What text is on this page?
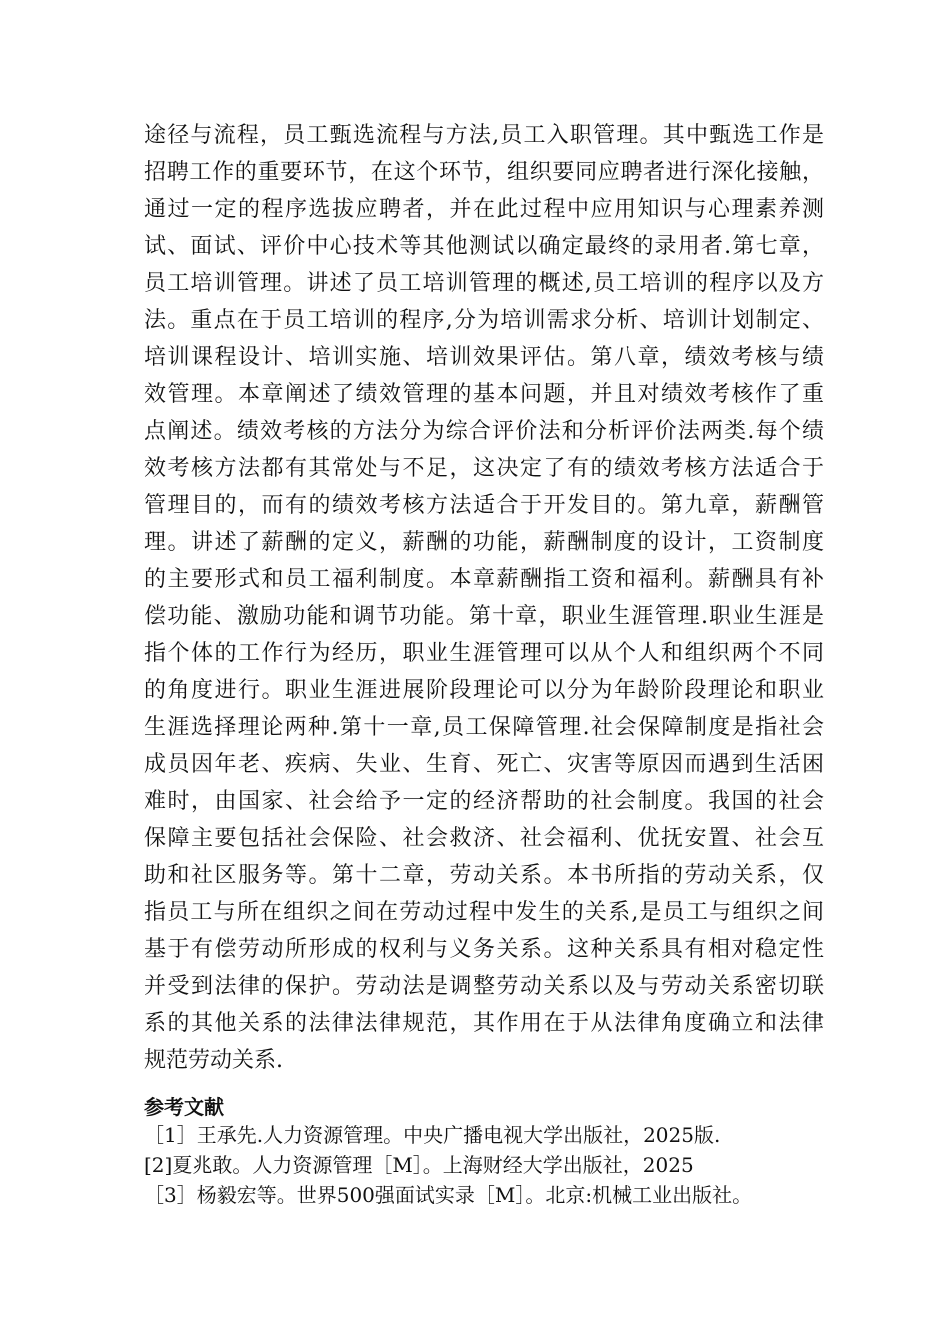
途径与流程，员工甄选流程与方法,员工入职管理。其中甄选工作是
招聘工作的重要环节，在这个环节，组织要同应聘者进行深化接触，
通过一定的程序选拔应聘者，并在此过程中应用知识与心理素养测
试、面试、评价中心技术等其他测试以确定最终的录用者.第七章，
员工培训管理。讲述了员工培训管理的概述,员工培训的程序以及方
法。重点在于员工培训的程序,分为培训需求分析、培训计划制定、
培训课程设计、培训实施、培训效果评估。第八章，绩效考核与绩
效管理。本章阐述了绩效管理的基本问题，并且对绩效考核作了重
点阐述。绩效考核的方法分为综合评价法和分析评价法两类.每个绩
效考核方法都有其常处与不足，这决定了有的绩效考核方法适合于
管理目的，而有的绩效考核方法适合于开发目的。第九章，薪酬管
理。讲述了薪酬的定义，薪酬的功能，薪酬制度的设计，工资制度
的主要形式和员工福利制度。本章薪酬指工资和福利。薪酬具有补
偿功能、激励功能和调节功能。第十章，职业生涯管理.职业生涯是
指个体的工作行为经历，职业生涯管理可以从个人和组织两个不同
的角度进行。职业生涯进展阶段理论可以分为年龄阶段理论和职业
生涯选择理论两种.第十一章,员工保障管理.社会保障制度是指社会
成员因年老、疾病、失业、生育、死亡、灾害等原因而遇到生活困
难时，由国家、社会给予一定的经济帮助的社会制度。我国的社会
保障主要包括社会保险、社会救济、社会福利、优抚安置、社会互
助和社区服务等。第十二章，劳动关系。本书所指的劳动关系，仅
指员工与所在组织之间在劳动过程中发生的关系,是员工与组织之间
基于有偿劳动所形成的权利与义务关系。这种关系具有相对稳定性
并受到法律的保护。劳动法是调整劳动关系以及与劳动关系密切联
系的其他关系的法律法律规范，其作用在于从法律角度确立和法律
规范劳动关系.
参考文献
［1］王承先.人力资源管理。中央广播电视大学出版社，2025版.
[2]夏兆敢。人力资源管理［M］。上海财经大学出版社，2025
［3］杨毅宏等。世界500强面试实录［M］。北京:机械工业出版社。
